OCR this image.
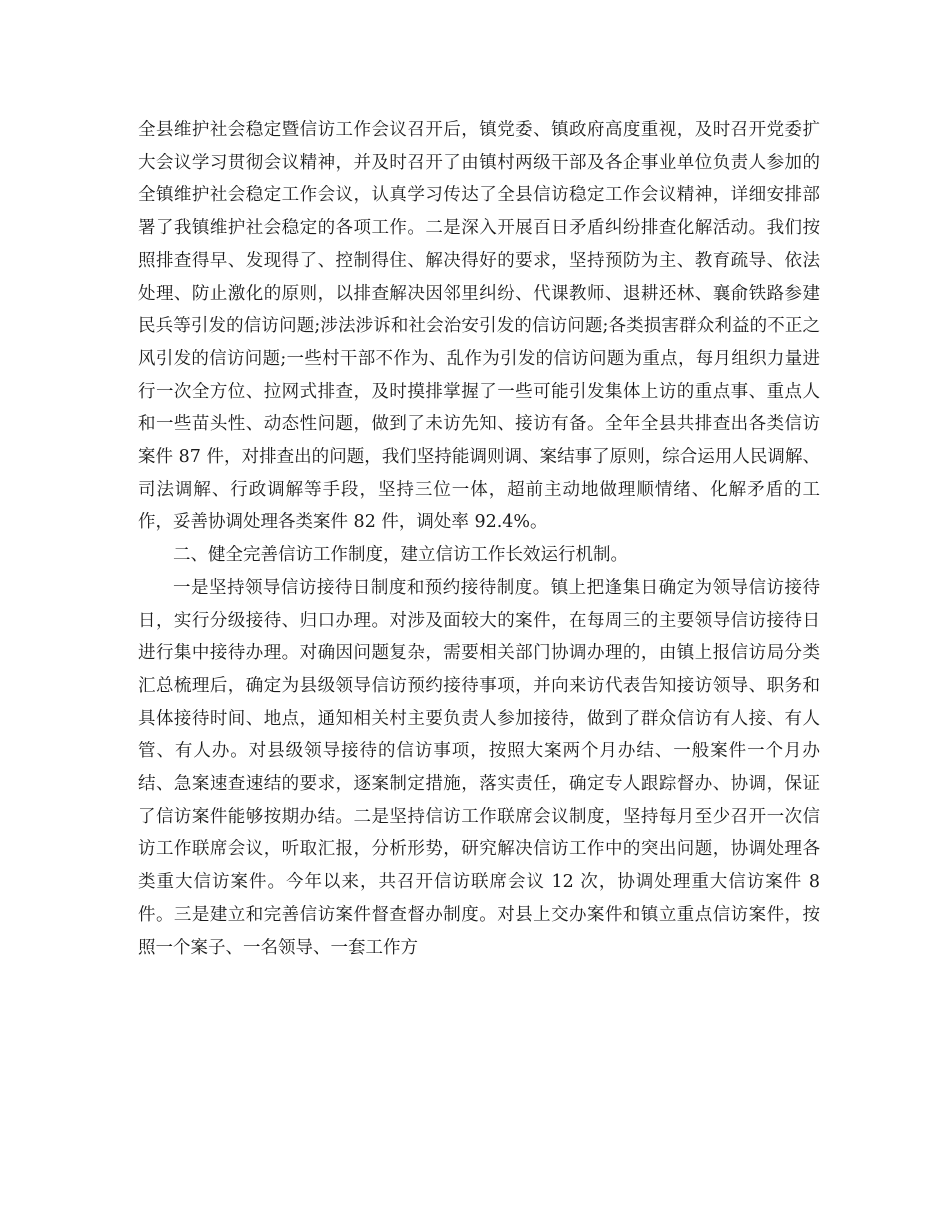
全县维护社会稳定暨信访工作会议召开后，镇党委、镇政府高度重视，及时召开党委扩大会议学习贯彻会议精神，并及时召开了由镇村两级干部及各企事业单位负责人参加的全镇维护社会稳定工作会议，认真学习传达了全县信访稳定工作会议精神，详细安排部署了我镇维护社会稳定的各项工作。二是深入开展百日矛盾纠纷排查化解活动。我们按照排查得早、发现得了、控制得住、解决得好的要求，坚持预防为主、教育疏导、依法处理、防止激化的原则，以排查解决因邻里纠纷、代课教师、退耕还林、襄俞铁路参建民兵等引发的信访问题;涉法涉诉和社会治安引发的信访问题;各类损害群众利益的不正之风引发的信访问题;一些村干部不作为、乱作为引发的信访问题为重点，每月组织力量进行一次全方位、拉网式排查，及时摸排掌握了一些可能引发集体上访的重点事、重点人和一些苗头性、动态性问题，做到了未访先知、接访有备。全年全县共排查出各类信访案件 87 件，对排查出的问题，我们坚持能调则调、案结事了原则，综合运用人民调解、司法调解、行政调解等手段，坚持三位一体，超前主动地做理顺情绪、化解矛盾的工作，妥善协调处理各类案件 82 件，调处率 92.4%。

二、健全完善信访工作制度，建立信访工作长效运行机制。

一是坚持领导信访接待日制度和预约接待制度。镇上把逢集日确定为领导信访接待日，实行分级接待、归口办理。对涉及面较大的案件，在每周三的主要领导信访接待日进行集中接待办理。对确因问题复杂，需要相关部门协调办理的，由镇上报信访局分类汇总梳理后，确定为县级领导信访预约接待事项，并向来访代表告知接访领导、职务和具体接待时间、地点，通知相关村主要负责人参加接待，做到了群众信访有人接、有人管、有人办。对县级领导接待的信访事项，按照大案两个月办结、一般案件一个月办结、急案速查速结的要求，逐案制定措施，落实责任，确定专人跟踪督办、协调，保证了信访案件能够按期办结。二是坚持信访工作联席会议制度，坚持每月至少召开一次信访工作联席会议，听取汇报，分析形势，研究解决信访工作中的突出问题，协调处理各类重大信访案件。今年以来，共召开信访联席会议 12 次，协调处理重大信访案件 8 件。三是建立和完善信访案件督查督办制度。对县上交办案件和镇立重点信访案件，按照一个案子、一名领导、一套工作方
